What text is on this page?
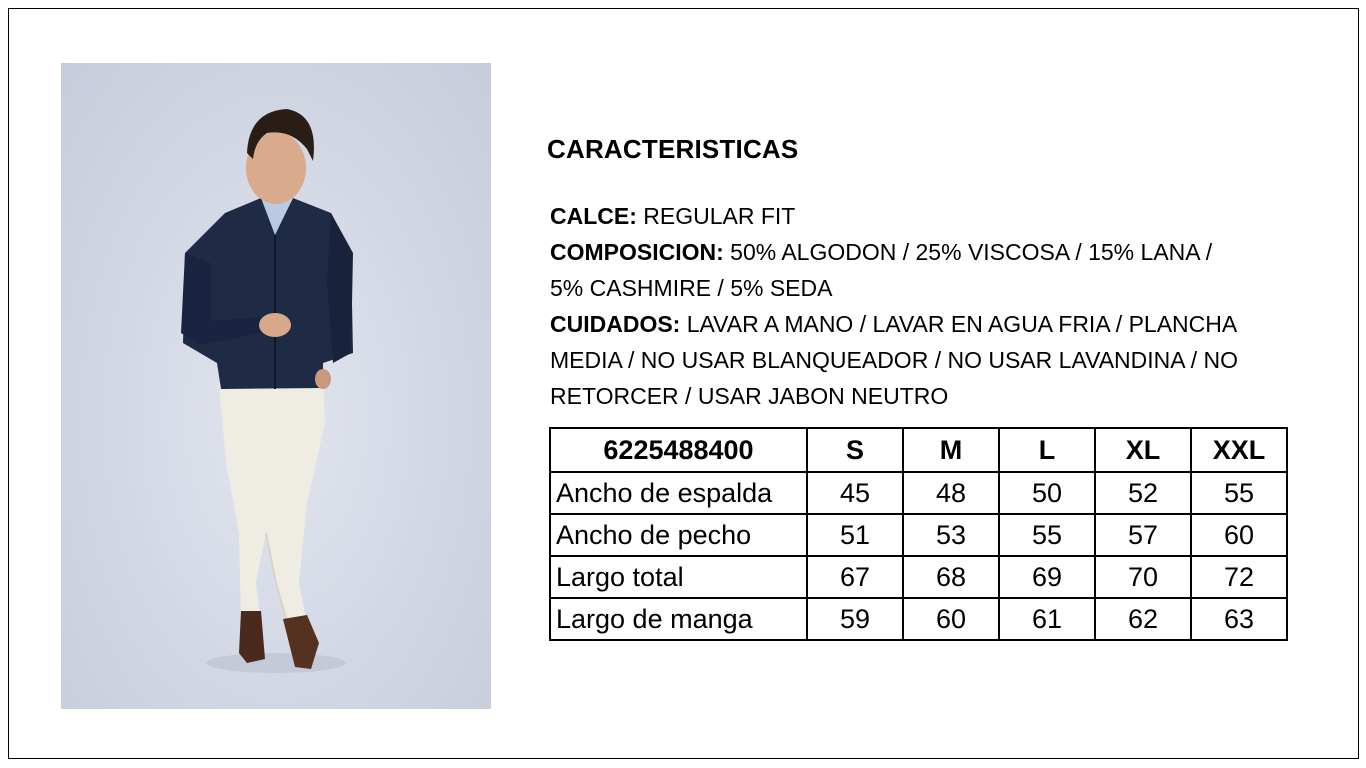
CARACTERISTICAS
CALCE: REGULAR FIT
COMPOSICION: 50% ALGODON / 25% VISCOSA / 15% LANA /
5% CASHMIRE / 5% SEDA
CUIDADOS: LAVAR A MANO / LAVAR EN AGUA FRIA / PLANCHA
MEDIA / NO USAR BLANQUEADOR / NO USAR LAVANDINA / NO
RETORCER / USAR JABON NEUTRO
6225488400	S	M	L	XL	XXL
Ancho de espalda	45	48	50	52	55
Ancho de pecho	51	53	55	57	60
Largo total	67	68	69	70	72
Largo de manga	59	60	61	62	63
